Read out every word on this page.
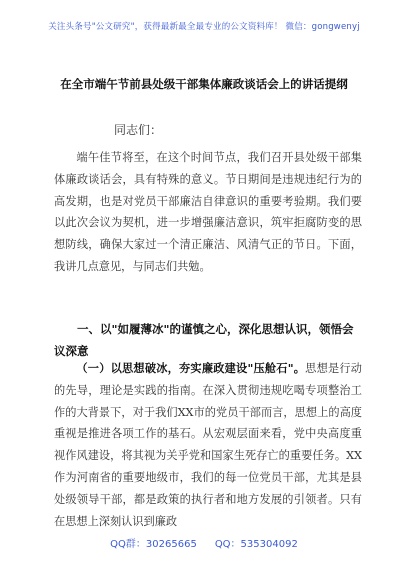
关注头条号"公文研究"，获得最新最全最专业的公文资料库！ 微信：gongwenyj
在全市端午节前县处级干部集体廉政谈话会上的讲话提纲
同志们：

端午佳节将至，在这个时间节点，我们召开县处级干部集体廉政谈话会，具有特殊的意义。节日期间是违规违纪行为的高发期，也是对党员干部廉洁自律意识的重要考验期。我们要以此次会议为契机，进一步增强廉洁意识，筑牢拒腐防变的思想防线，确保大家过一个清正廉洁、风清气正的节日。下面，我讲几点意见，与同志们共勉。

一、以"如履薄冰"的谨慎之心，深化思想认识，领悟会议深意

（一）以思想破冰，夯实廉政建设"压舱石"。思想是行动的先导，理论是实践的指南。在深入贯彻违规吃喝专项整治工作的大背景下，对于我们XX市的党员干部而言，思想上的高度重视是推进各项工作的基石。从宏观层面来看，党中央高度重视作风建设，将其视为关乎党和国家生死存亡的重要任务。XX作为河南省的重要地级市，我们的每一位党员干部，尤其是县处级领导干部，都是政策的执行者和地方发展的引领者。只有在思想上深刻认识到廉政

QQ群：30265665 QQ：535304092
